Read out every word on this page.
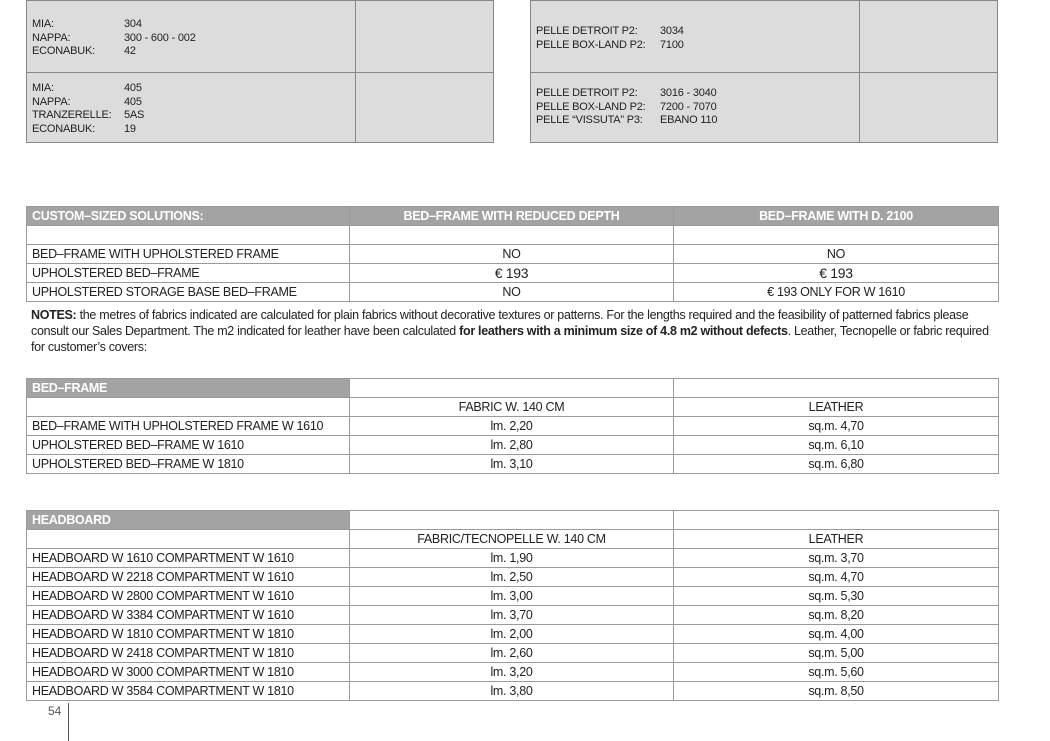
MIA:	304
NAPPA:	300 - 600 - 002
ECONABUK:	42
MIA:	405
NAPPA:	405
TRANZERELLE:	5AS
ECONABUK:	19
PELLE DETROIT P2:	3034
PELLE BOX-LAND P2:	7100
PELLE DETROIT P2:	3016 - 3040
PELLE BOX-LAND P2:	7200 - 7070
PELLE “VISSUTA” P3:	EBANO 110
CUSTOM–SIZED SOLUTIONS:	BED–FRAME WITH REDUCED DEPTH	BED–FRAME WITH D. 2100

BED–FRAME WITH UPHOLSTERED FRAME	NO	NO
UPHOLSTERED BED–FRAME	€ 193	€ 193
UPHOLSTERED STORAGE BASE BED–FRAME	NO	€ 193 ONLY FOR W 1610
NOTES: the metres of fabrics indicated are calculated for plain fabrics without decorative textures or patterns. For the lengths required and the feasibility of patterned fabrics please consult our Sales Department. The m2 indicated for leather have been calculated for leathers with a minimum size of 4.8 m2 without defects. Leather, Tecnopelle or fabric required for customer’s covers:
BED–FRAME		
	FABRIC W. 140 CM	LEATHER
BED–FRAME WITH UPHOLSTERED FRAME W 1610	lm. 2,20	sq.m. 4,70
UPHOLSTERED BED–FRAME W 1610	lm. 2,80	sq.m. 6,10
UPHOLSTERED BED–FRAME W 1810	lm. 3,10	sq.m. 6,80
HEADBOARD		
	FABRIC/TECNOPELLE W. 140 CM	LEATHER
HEADBOARD W 1610 COMPARTMENT W 1610	lm. 1,90	sq.m. 3,70
HEADBOARD W 2218 COMPARTMENT W 1610	lm. 2,50	sq.m. 4,70
HEADBOARD W 2800 COMPARTMENT W 1610	lm. 3,00	sq.m. 5,30
HEADBOARD W 3384 COMPARTMENT W 1610	lm. 3,70	sq.m. 8,20
HEADBOARD W 1810 COMPARTMENT W 1810	lm. 2,00	sq.m. 4,00
HEADBOARD W 2418 COMPARTMENT W 1810	lm. 2,60	sq.m. 5,00
HEADBOARD W 3000 COMPARTMENT W 1810	lm. 3,20	sq.m. 5,60
HEADBOARD W 3584 COMPARTMENT W 1810	lm. 3,80	sq.m. 8,50
54
